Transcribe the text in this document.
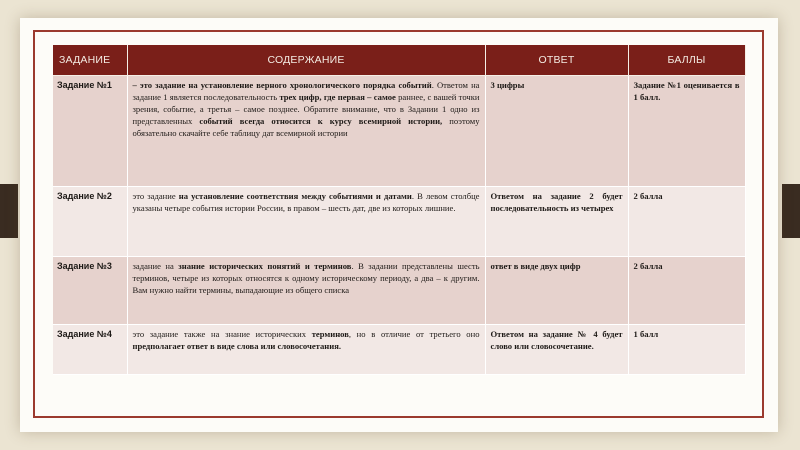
ЗАДАНИЕ	СОДЕРЖАНИЕ	ОТВЕТ	БАЛЛЫ
Задание №1	– это задание на установление верного хронологического порядка событий. Ответом на задание 1 является последовательность трех цифр, где первая – самое раннее, с вашей точки зрения, событие, а третья – самое позднее. Обратите внимание, что в Задании 1 одно из представленных событий всегда относится к курсу всемирной истории, поэтому обязательно скачайте себе таблицу дат всемирной истории	3 цифры	Задание №1 оценивается в 1 балл.
Задание №2	это задание на установление соответствия между событиями и датами. В левом столбце указаны четыре события истории России, в правом – шесть дат, две из которых лишние.	Ответом на задание 2 будет последовательность из четырех	2 балла
Задание №3	задание на знание исторических понятий и терминов. В задании представлены шесть терминов, четыре из которых относятся к одному историческому периоду, а два – к другим. Вам нужно найти термины, выпадающие из общего списка	ответ в виде двух цифр	2 балла
Задание №4	это задание также на знание исторических терминов, но в отличие от третьего оно предполагает ответ в виде слова или словосочетания.	Ответом на задание № 4 будет слово или словосочетание.	1 балл
